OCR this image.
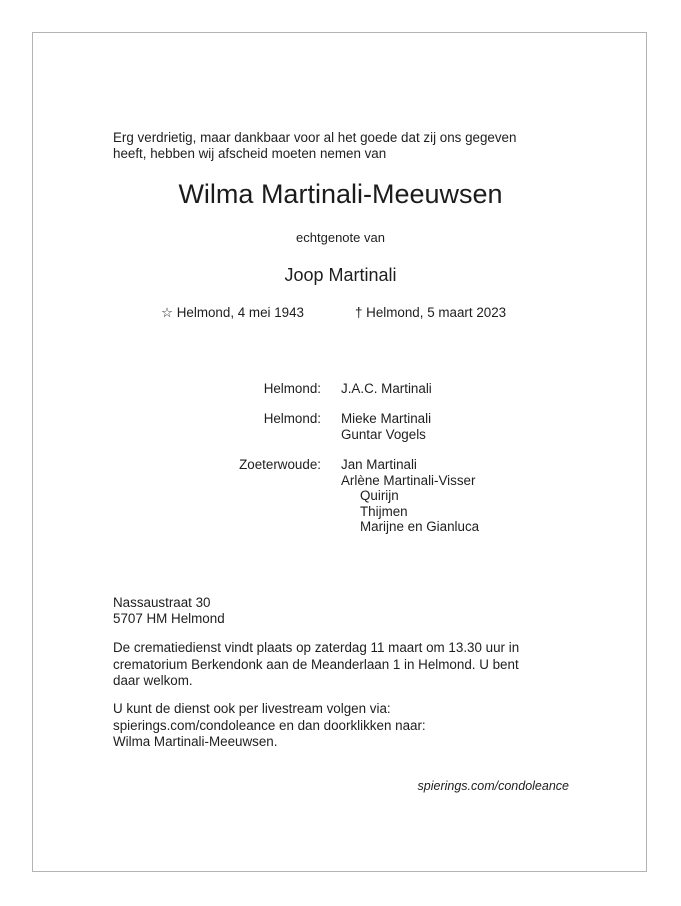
Erg verdrietig, maar dankbaar voor al het goede dat zij ons gegeven
heeft, hebben wij afscheid moeten nemen van
Wilma Martinali-Meeuwsen
echtgenote van
Joop Martinali
☆ Helmond, 4 mei 1943	† Helmond, 5 maart 2023
Helmond: J.A.C. Martinali
Helmond: Mieke Martinali
Guntar Vogels
Zoeterwoude: Jan Martinali
Arlène Martinali-Visser
Quirijn
Thijmen
Marijne en Gianluca
Nassaustraat 30
5707 HM Helmond
De crematiedienst vindt plaats op zaterdag 11 maart om 13.30 uur in
crematorium Berkendonk aan de Meanderlaan 1 in Helmond. U bent
daar welkom.
U kunt de dienst ook per livestream volgen via:
spierings.com/condoleance en dan doorklikken naar:
Wilma Martinali-Meeuwsen.
spierings.com/condoleance
